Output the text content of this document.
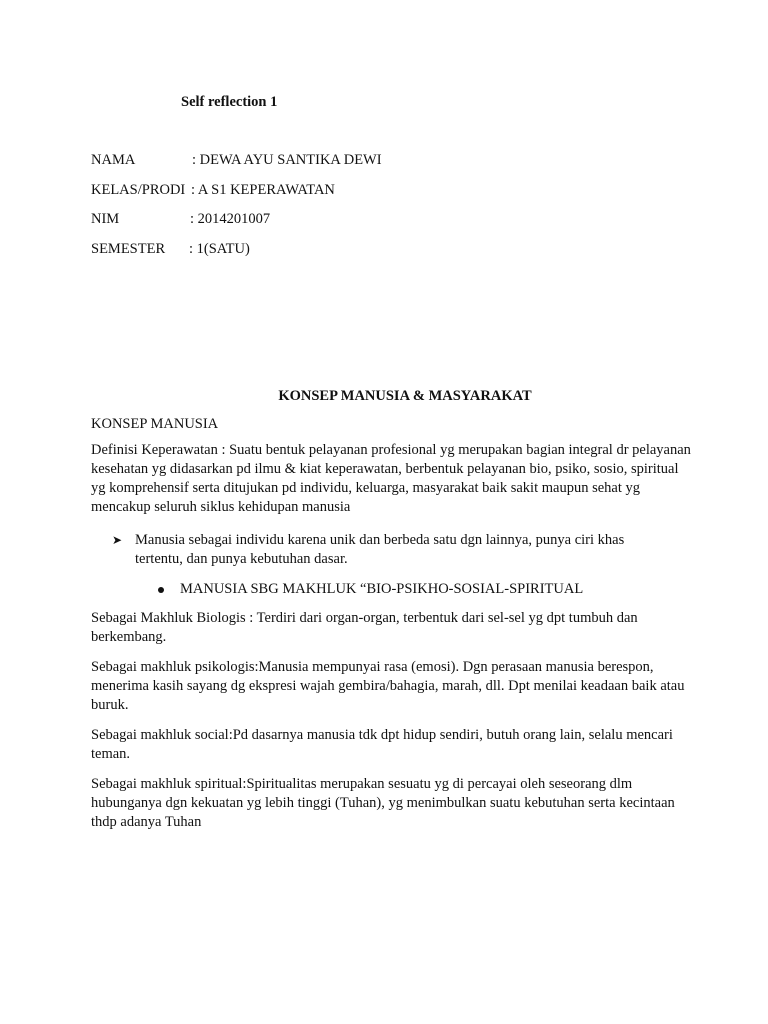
Self reflection 1
NAMA	: DEWA AYU SANTIKA DEWI
KELAS/PRODI : A S1 KEPERAWATAN
NIM	: 2014201007
SEMESTER : 1(SATU)
KONSEP MANUSIA & MASYARAKAT
KONSEP MANUSIA

Definisi Keperawatan : Suatu bentuk pelayanan profesional yg merupakan bagian integral dr pelayanan kesehatan yg didasarkan pd ilmu & kiat keperawatan, berbentuk pelayanan bio, psiko, sosio, spiritual yg komprehensif serta ditujukan pd individu, keluarga, masyarakat baik sakit maupun sehat yg mencakup seluruh siklus kehidupan manusia

➤ Manusia sebagai individu karena unik dan berbeda satu dgn lainnya, punya ciri khas tertentu, dan punya kebutuhan dasar.
MANUSIA SBG MAKHLUK “BIO-PSIKHO-SOSIAL-SPIRITUAL

Sebagai Makhluk Biologis : Terdiri dari organ-organ, terbentuk dari sel-sel yg dpt tumbuh dan berkembang.

Sebagai makhluk psikologis:Manusia mempunyai rasa (emosi). Dgn perasaan manusia berespon, menerima kasih sayang dg ekspresi wajah gembira/bahagia, marah, dll. Dpt menilai keadaan baik atau buruk.

Sebagai makhluk social:Pd dasarnya manusia tdk dpt hidup sendiri, butuh orang lain, selalu mencari teman.

Sebagai makhluk spiritual:Spiritualitas merupakan sesuatu yg di percayai oleh seseorang dlm hubunganya dgn kekuatan yg lebih tinggi (Tuhan), yg menimbulkan suatu kebutuhan serta kecintaan thdp adanya Tuhan
